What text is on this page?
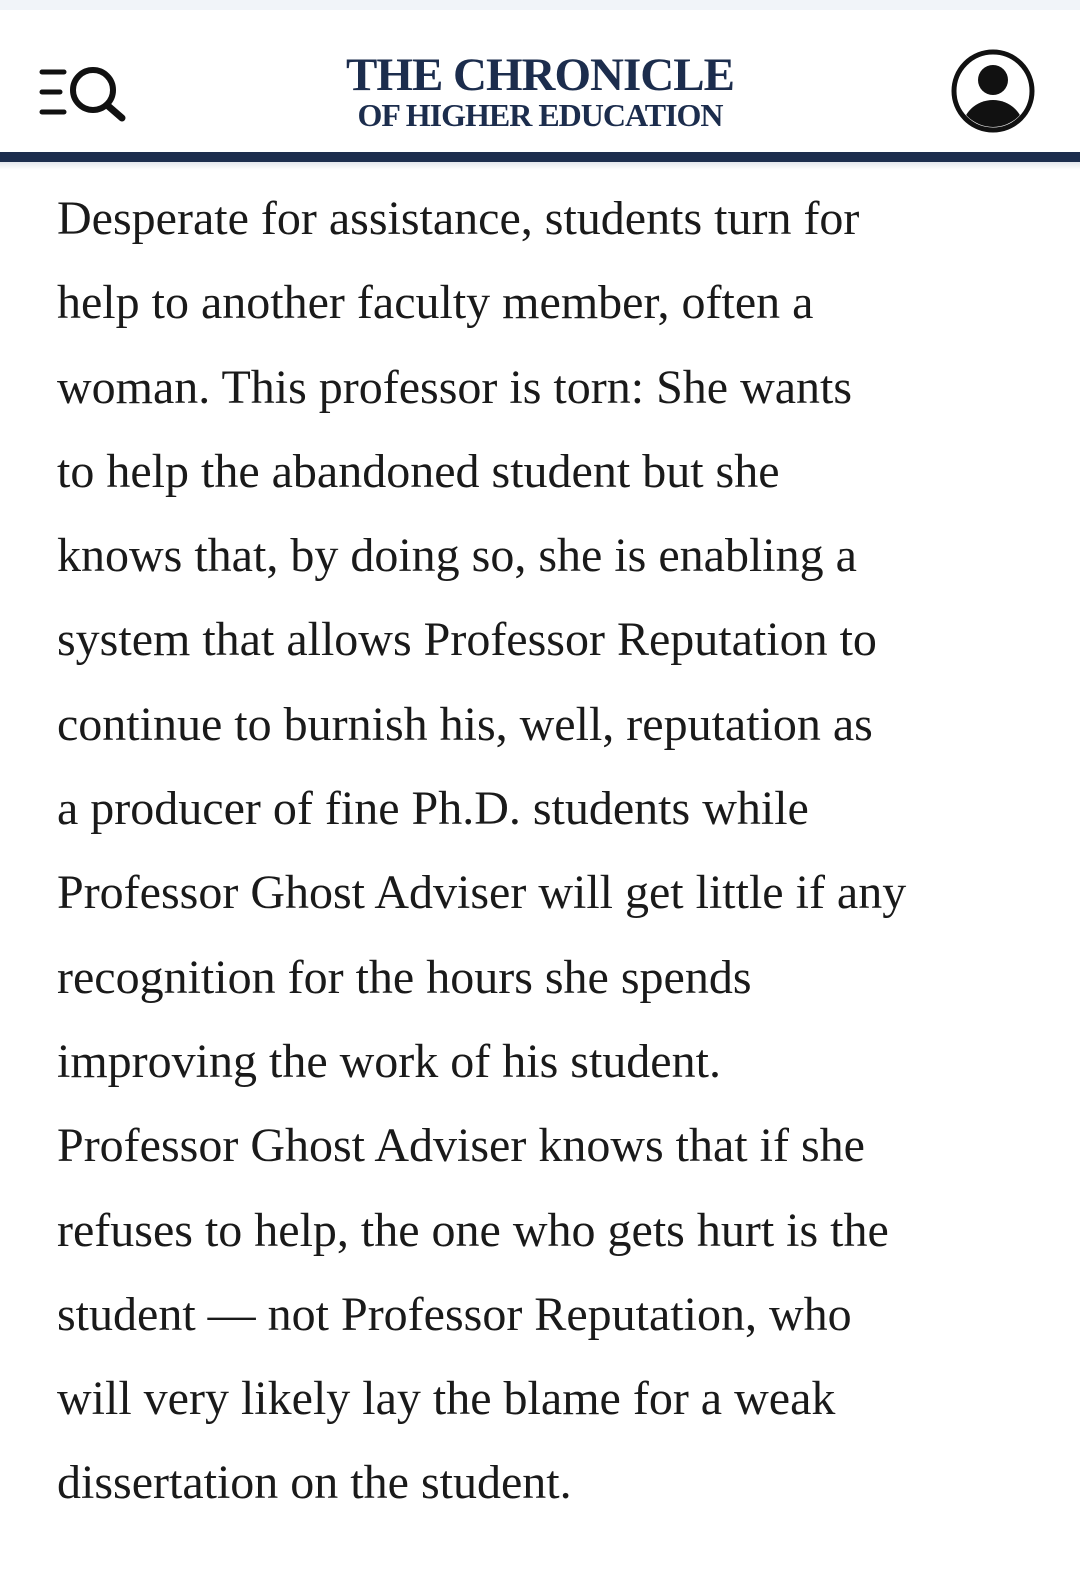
THE CHRONICLE
OF HIGHER EDUCATION

Desperate for assistance, students turn for
help to another faculty member, often a
woman. This professor is torn: She wants
to help the abandoned student but she
knows that, by doing so, she is enabling a
system that allows Professor Reputation to
continue to burnish his, well, reputation as
a producer of fine Ph.D. students while
Professor Ghost Adviser will get little if any
recognition for the hours she spends
improving the work of his student.
Professor Ghost Adviser knows that if she
refuses to help, the one who gets hurt is the
student — not Professor Reputation, who
will very likely lay the blame for a weak
dissertation on the student.
